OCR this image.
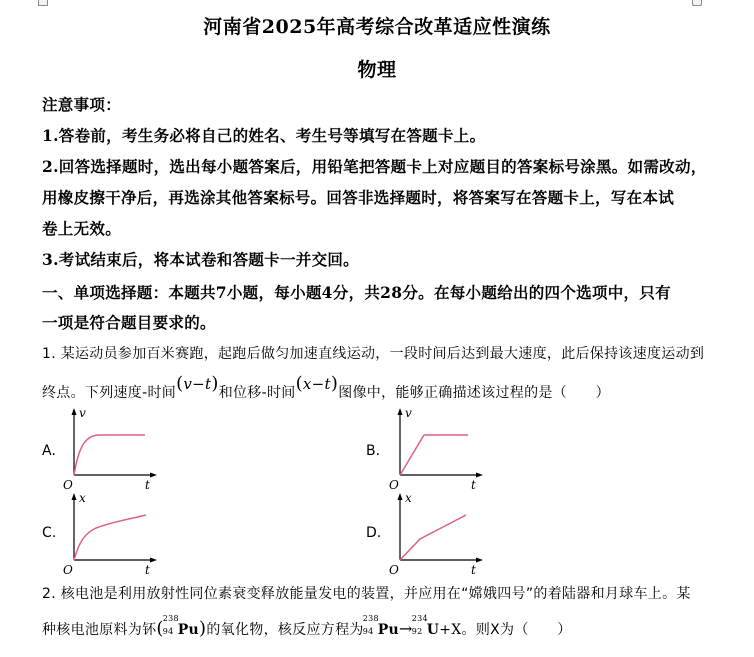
河南省2025年高考综合改革适应性演练
物理
注意事项：
1.答卷前，考生务必将自己的姓名、考生号等填写在答题卡上。
2.回答选择题时，选出每小题答案后，用铅笔把答题卡上对应题目的答案标号涂黑。如需改动，
用橡皮擦干净后，再选涂其他答案标号。回答非选择题时，将答案写在答题卡上，写在本试
卷上无效。
3.考试结束后，将本试卷和答题卡一并交回。
一、单项选择题：本题共7小题，每小题4分，共28分。在每小题给出的四个选项中，只有
一项是符合题目要求的。
1. 某运动员参加百米赛跑，起跑后做匀加速直线运动，一段时间后达到最大速度，此后保持该速度运动到
终点。下列速度-时间(v−t)和位移-时间(x−t)图像中，能够正确描述该过程的是（　　）
A.	B.
C.	D.
v
t
O
v
t
O
x
t
O
x
t
O
2. 核电池是利用放射性同位素衰变释放能量发电的装置，并应用在“嫦娥四号”的着陆器和月球车上。某
种核电池原料为钚( 238
94 Pu)的氧化物，核反应方程为
238
94 Pu→
234
92 U+X。则X为（　　）
